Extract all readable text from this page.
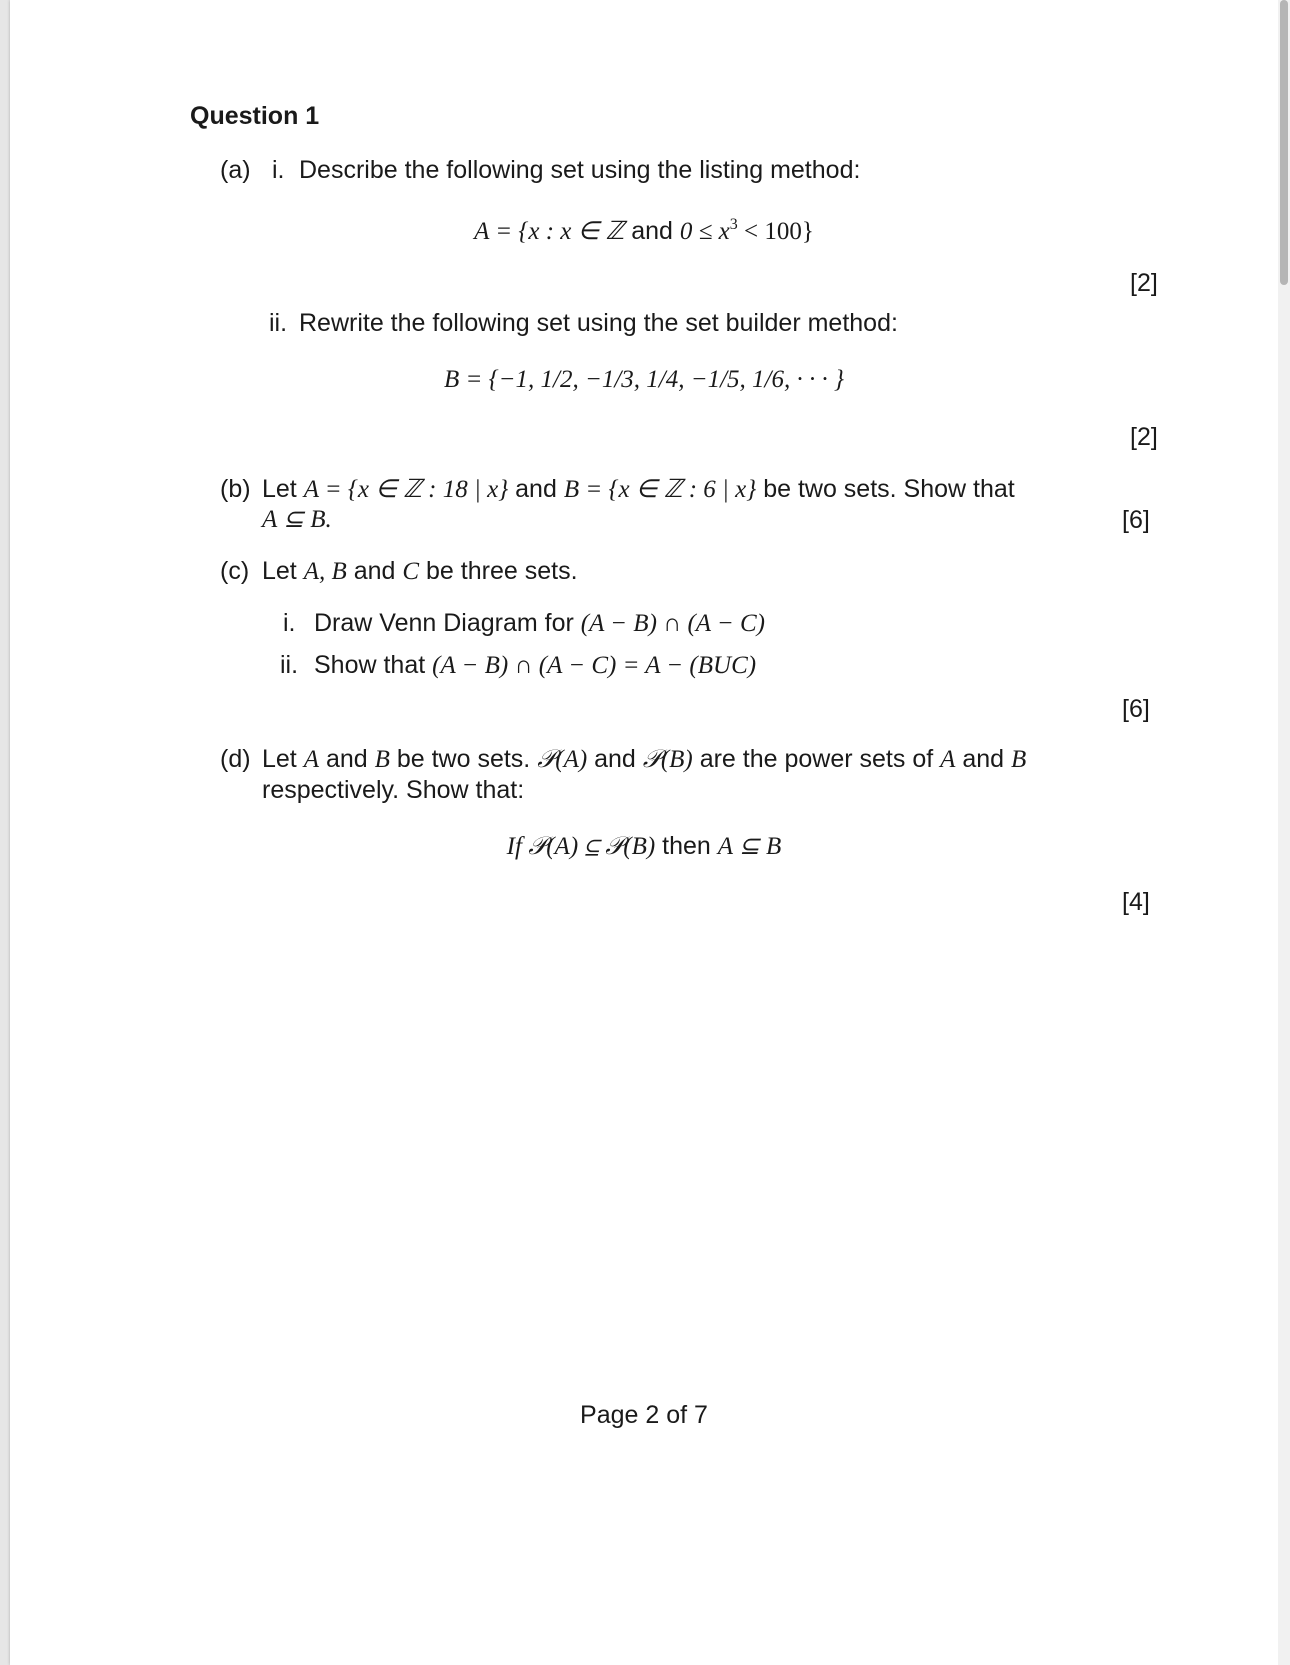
Question 1
(a) i. Describe the following set using the listing method:
A = {x : x ∈ ℤ and $0 \le x^3 < 100$}
[2]
ii. Rewrite the following set using the set builder method:
B = {−1, 1/2, −1/3, 1/4, −1/5, 1/6, · · · }
[2]
(b) Let A = {x ∈ ℤ : 18 | x} and B = {x ∈ ℤ : 6 | x} be two sets. Show that
A ⊆ B.	[6]
(c) Let A, B and C be three sets.
i. Draw Venn Diagram for (A − B) ∩ (A − C)
ii. Show that (A − B) ∩ (A − C) = A − (BUC)
[6]
(d) Let A and B be two sets. 𝒫(A) and 𝒫(B) are the power sets of A and B
respectively. Show that:
If 𝒫(A) ⊆ 𝒫(B) then A ⊆ B
[4]
Page 2 of 7
